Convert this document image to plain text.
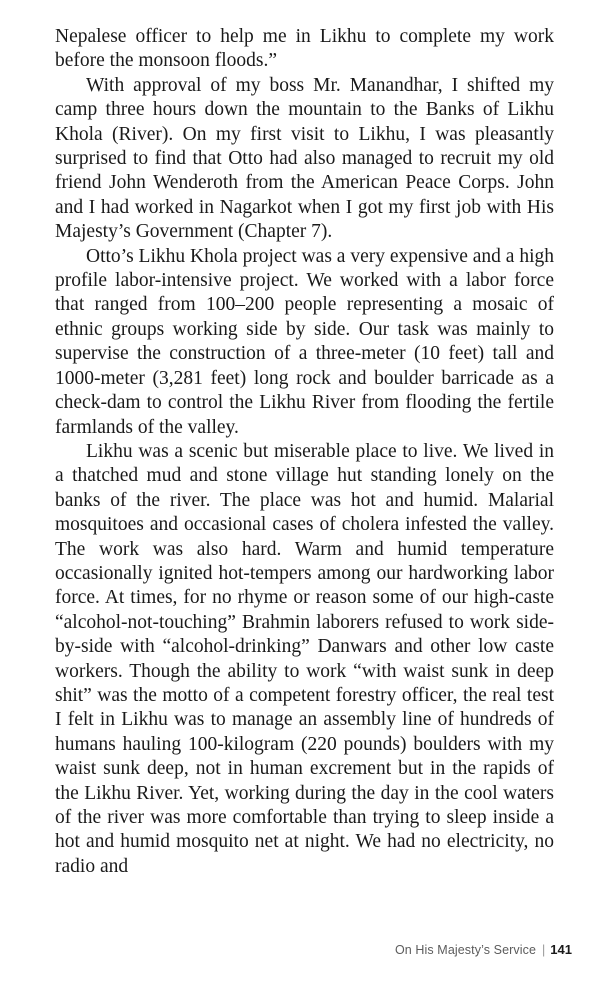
Nepalese officer to help me in Likhu to complete my work before the monsoon floods.”

With approval of my boss Mr. Manandhar, I shifted my camp three hours down the mountain to the Banks of Likhu Khola (River). On my first visit to Likhu, I was pleasantly surprised to find that Otto had also managed to recruit my old friend John Wenderoth from the American Peace Corps. John and I had worked in Nagarkot when I got my first job with His Majesty’s Government (Chapter 7).

Otto’s Likhu Khola project was a very expensive and a high profile labor-intensive project. We worked with a labor force that ranged from 100–200 people representing a mosaic of ethnic groups working side by side. Our task was mainly to supervise the construction of a three-meter (10 feet) tall and 1000-meter (3,281 feet) long rock and boulder barricade as a check-dam to control the Likhu River from flooding the fertile farmlands of the valley.

Likhu was a scenic but miserable place to live. We lived in a thatched mud and stone village hut standing lonely on the banks of the river. The place was hot and humid. Malarial mosquitoes and occasional cases of cholera infested the valley. The work was also hard. Warm and humid temperature occasionally ignited hot-tempers among our hardworking labor force. At times, for no rhyme or reason some of our high-caste “alcohol-not-touching” Brahmin laborers refused to work side-by-side with “alcohol-drinking” Danwars and other low caste workers. Though the ability to work “with waist sunk in deep shit” was the motto of a competent forestry officer, the real test I felt in Likhu was to manage an assembly line of hundreds of humans hauling 100-kilogram (220 pounds) boulders with my waist sunk deep, not in human excrement but in the rapids of the Likhu River. Yet, working during the day in the cool waters of the river was more comfortable than trying to sleep inside a hot and humid mosquito net at night. We had no electricity, no radio and

On His Majesty’s Service | 141
